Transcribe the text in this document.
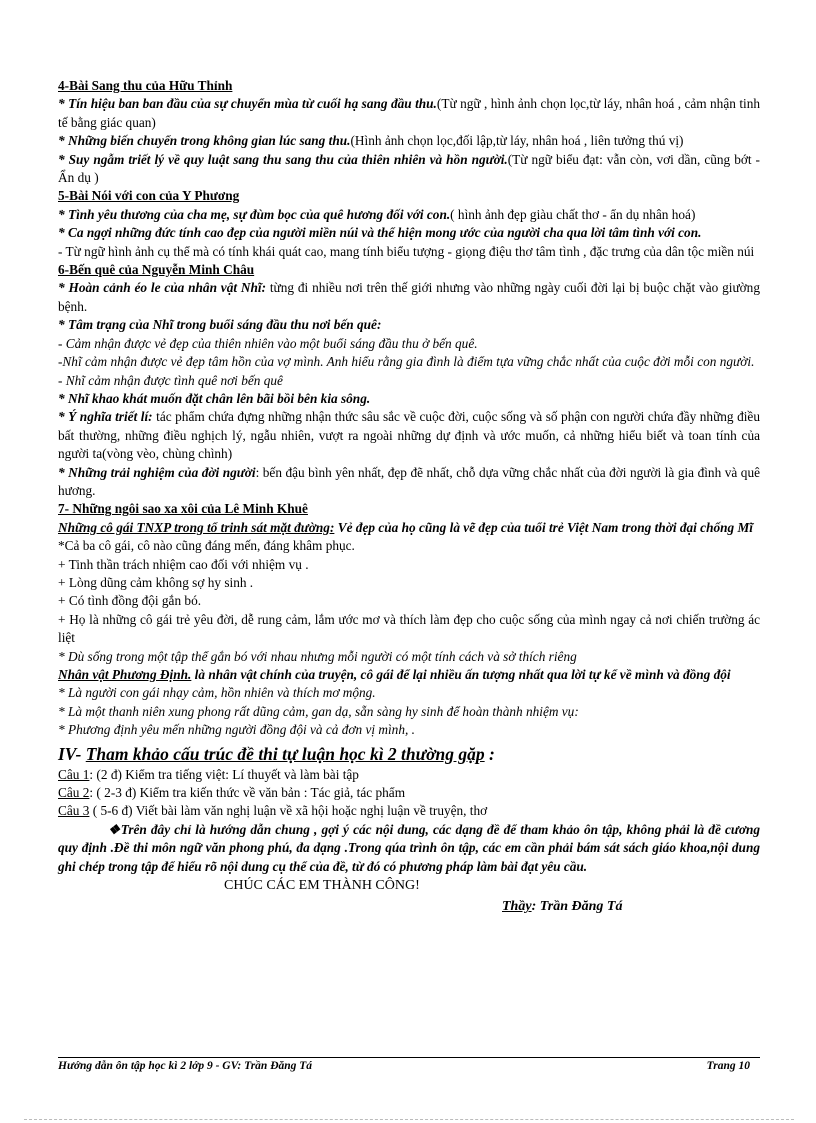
4-Bài Sang thu của Hữu Thỉnh

* Tín hiệu ban ban đầu của sự chuyển mùa từ cuối hạ sang đầu thu.(Từ ngữ , hình ảnh chọn lọc,từ láy, nhân hoá , cảm nhận tinh tế bằng giác quan)

* Những biến chuyển trong không gian lúc sang thu.(Hình ảnh chọn lọc,đối lập,từ láy, nhân hoá , liên tưởng thú vị)

* Suy ngẫm triết lý về quy luật sang thu sang thu của thiên nhiên và hồn người.(Từ ngữ biểu đạt: vẫn còn, vơi dần, cũng bớt - Ẩn dụ )

5-Bài Nói với con của Y Phương

* Tình yêu thương của cha mẹ, sự đùm bọc của quê hương đối với con.( hình ảnh đẹp giàu chất thơ - ẩn dụ nhân hoá)

* Ca ngợi những đức tính cao đẹp của người miền núi và thể hiện mong ước của người cha qua lời tâm tình với con.

- Từ ngữ hình ảnh cụ thể mà có tính khái quát cao, mang tính biểu tượng - giọng điệu thơ tâm tình , đặc trưng của dân tộc miền núi

6-Bến quê của Nguyễn Minh Châu

* Hoàn cảnh éo le của nhân vật Nhĩ: từng đi nhiều nơi trên thế giới nhưng vào những ngày cuối đời lại bị buộc chặt vào giường bệnh.

* Tâm trạng của Nhĩ trong buổi sáng đầu thu nơi bến quê:

- Cảm nhận được vẻ đẹp của thiên nhiên vào một buổi sáng đầu thu ở bến quê.

-Nhĩ cảm nhận được vẻ đẹp tâm hồn của vợ mình. Anh hiểu rằng gia đình là điểm tựa vững chắc nhất của cuộc đời mỗi con người.

- Nhĩ cảm nhận được tình quê nơi bến quê

* Nhĩ khao khát muốn đặt chân lên bãi bồi bên kia sông.

* Ý nghĩa triết lí: tác phẩm chứa đựng những nhận thức sâu sắc về cuộc đời, cuộc sống và số phận con người chứa đầy những điều bất thường, những điều nghịch lý, ngẫu nhiên, vượt ra ngoài những dự định và ước muốn, cả những hiểu biết và toan tính của người ta(vòng vèo, chùng chình)

* Những trải nghiệm của đời người: bến đậu bình yên nhất, đẹp đẽ nhất, chỗ dựa vững chắc nhất của đời người là gia đình và quê hương.

7- Những ngôi sao xa xôi của Lê Minh Khuê

Những cô gái TNXP trong tổ trinh sát mặt đường: Vẻ đẹp của họ cũng là vẽ đẹp của tuổi trẻ Việt Nam trong thời đại chống Mĩ

*Cả ba cô gái, cô nào cũng đáng mến, đáng khâm phục.

+ Tinh thần trách nhiệm cao đối với nhiệm vụ .

+ Lòng dũng cảm không sợ hy sinh .

+ Có tình đồng đội gắn bó.

+ Họ là những cô gái trẻ yêu đời, dễ rung cảm, lắm ước mơ và thích làm đẹp cho cuộc sống của mình ngay cả nơi chiến trường ác liệt

* Dù sống trong một tập thể gắn bó với nhau nhưng mỗi người có một tính cách và sở thích riêng

Nhân vật Phương Định. là nhân vật chính của truyện, cô gái để lại nhiều ấn tượng nhất qua lời tự kể về mình và đồng đội

* Là người con gái nhạy cảm, hồn nhiên và thích mơ mộng.

* Là một thanh niên xung phong rất dũng cảm, gan dạ, sẵn sàng hy sinh để hoàn thành nhiệm vụ:

* Phương định yêu mến những người đồng đội và cả đơn vị mình, .

IV- Tham khảo cấu trúc đề thi tự luận học kì 2 thường gặp :

Câu 1: (2 đ) Kiểm tra tiếng việt: Lí thuyết và làm bài tập

Câu 2: ( 2-3 đ) Kiểm tra kiến thức về văn bản : Tác giả, tác phẩm

Câu 3 ( 5-6 đ) Viết bài làm văn nghị luận về xã hội hoặc nghị luận về truyện, thơ

❖Trên đây chỉ là hướng dẫn chung , gợi ý các nội dung, các dạng đề để tham khảo ôn tập, không phải là đề cương quy định .Đề thi môn ngữ văn phong phú, đa dạng .Trong qúa trình ôn tập, các em cần phải bám sát sách giáo khoa,nội dung ghi chép trong tập để hiểu rõ nội dung cụ thể của đề, từ đó có phương pháp làm bài đạt yêu cầu.

CHÚC CÁC EM THÀNH CÔNG!

Thầy: Trần Đăng Tá

Hướng dẫn ôn tập học kì 2 lớp 9 - GV: Trần Đăng Tá	Trang 10
